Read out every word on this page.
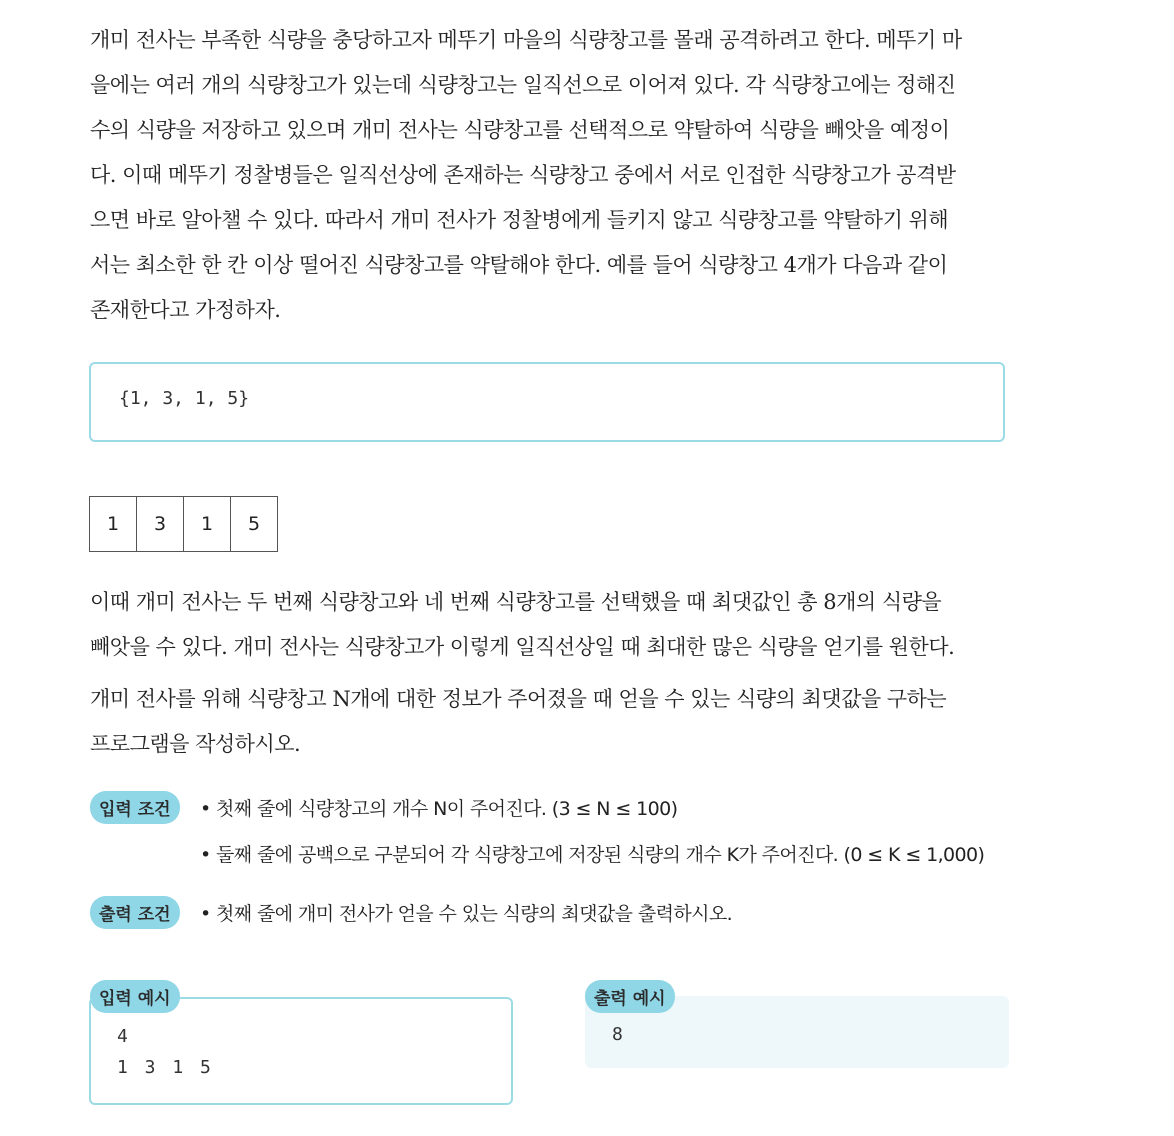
개미 전사는 부족한 식량을 충당하고자 메뚜기 마을의 식량창고를 몰래 공격하려고 한다. 메뚜기 마
을에는 여러 개의 식량창고가 있는데 식량창고는 일직선으로 이어져 있다. 각 식량창고에는 정해진
수의 식량을 저장하고 있으며 개미 전사는 식량창고를 선택적으로 약탈하여 식량을 빼앗을 예정이
다. 이때 메뚜기 정찰병들은 일직선상에 존재하는 식량창고 중에서 서로 인접한 식량창고가 공격받
으면 바로 알아챌 수 있다. 따라서 개미 전사가 정찰병에게 들키지 않고 식량창고를 약탈하기 위해
서는 최소한 한 칸 이상 떨어진 식량창고를 약탈해야 한다. 예를 들어 식량창고 4개가 다음과 같이
존재한다고 가정하자.
{1, 3, 1, 5}
1	3	1	5
이때 개미 전사는 두 번째 식량창고와 네 번째 식량창고를 선택했을 때 최댓값인 총 8개의 식량을
빼앗을 수 있다. 개미 전사는 식량창고가 이렇게 일직선상일 때 최대한 많은 식량을 얻기를 원한다.
개미 전사를 위해 식량창고 N개에 대한 정보가 주어졌을 때 얻을 수 있는 식량의 최댓값을 구하는
프로그램을 작성하시오.
입력 조건	• 첫째 줄에 식량창고의 개수 N이 주어진다. (3 ≤ N ≤ 100)
• 둘째 줄에 공백으로 구분되어 각 식량창고에 저장된 식량의 개수 K가 주어진다. (0 ≤ K ≤ 1,000)
출력 조건	• 첫째 줄에 개미 전사가 얻을 수 있는 식량의 최댓값을 출력하시오.
4
1 3 1 5
입력 예시
8
출력 예시
